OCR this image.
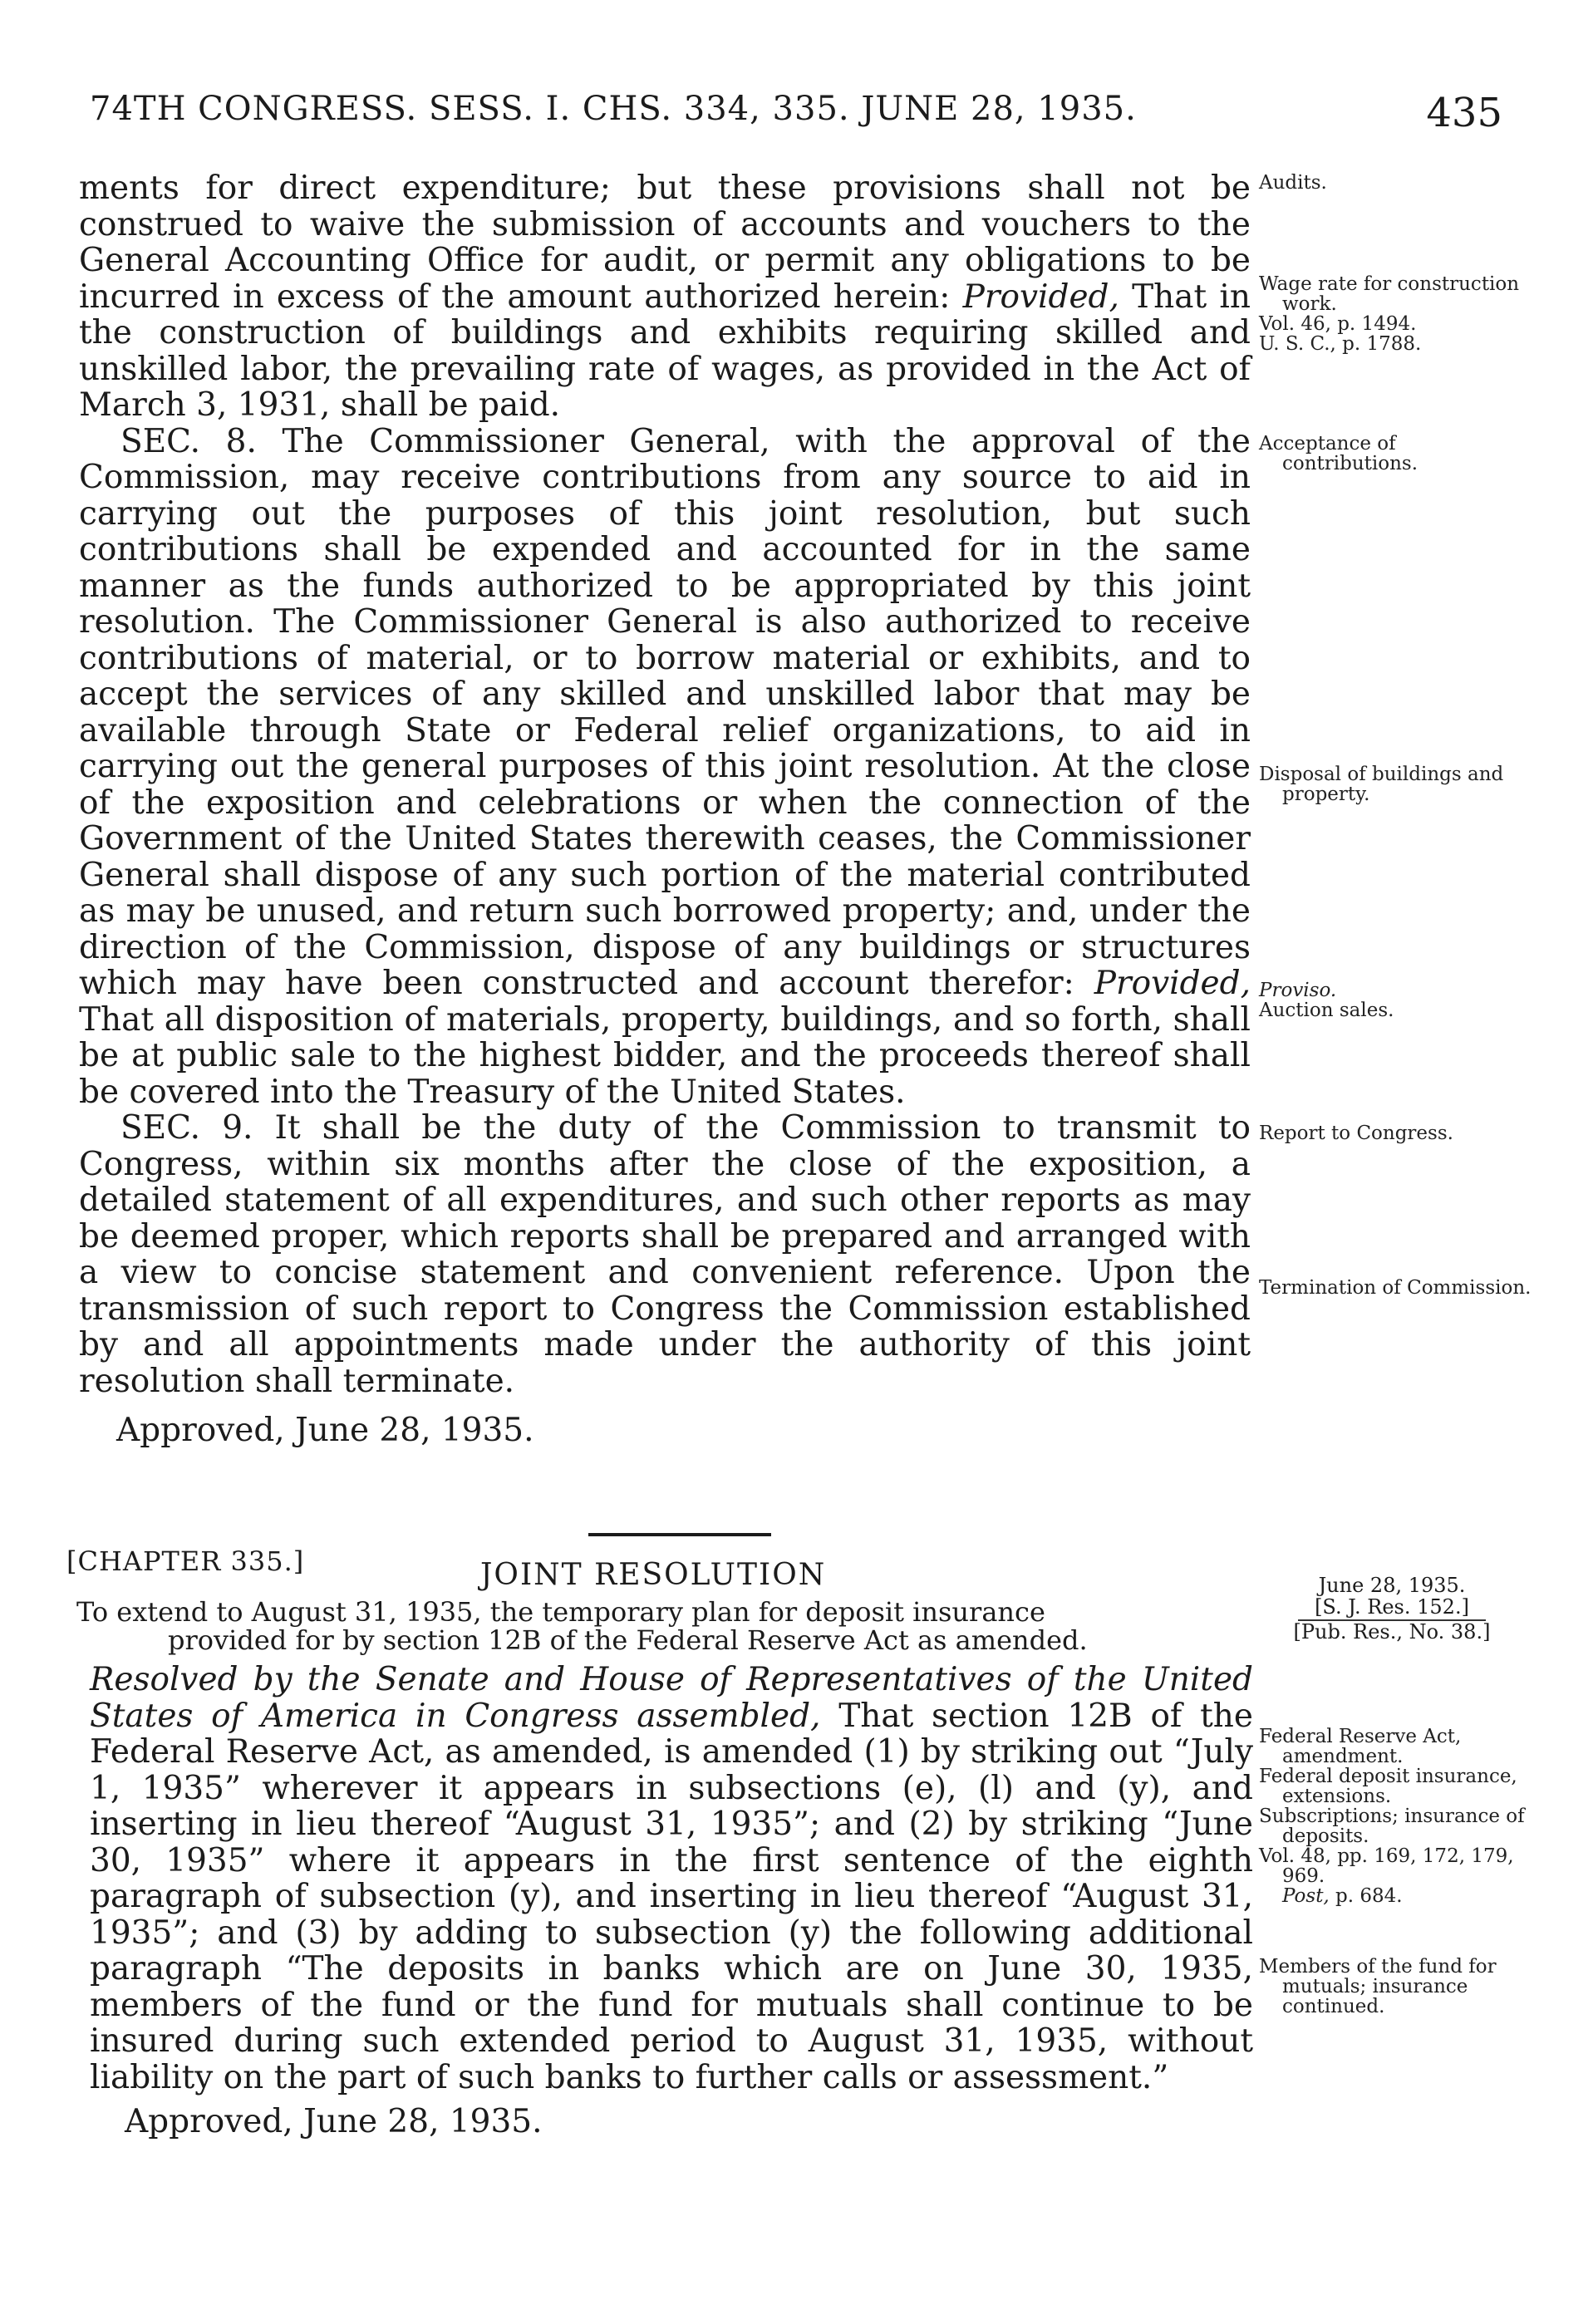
74TH CONGRESS. SESS. I. CHS. 334, 335. JUNE 28, 1935.	435

ments for direct expenditure; but these provisions shall not be construed to waive the submission of accounts and vouchers to the General Accounting Office for audit, or permit any obligations to be incurred in excess of the amount authorized herein: Provided, That in the construction of buildings and exhibits requiring skilled and unskilled labor, the prevailing rate of wages, as provided in the Act of March 3, 1931, shall be paid.

SEC. 8. The Commissioner General, with the approval of the Commission, may receive contributions from any source to aid in carrying out the purposes of this joint resolution, but such contributions shall be expended and accounted for in the same manner as the funds authorized to be appropriated by this joint resolution. The Commissioner General is also authorized to receive contributions of material, or to borrow material or exhibits, and to accept the services of any skilled and unskilled labor that may be available through State or Federal relief organizations, to aid in carrying out the general purposes of this joint resolution. At the close of the exposition and celebrations or when the connection of the Government of the United States therewith ceases, the Commissioner General shall dispose of any such portion of the material contributed as may be unused, and return such borrowed property; and, under the direction of the Commission, dispose of any buildings or structures which may have been constructed and account therefor: Provided, That all disposition of materials, property, buildings, and so forth, shall be at public sale to the highest bidder, and the proceeds thereof shall be covered into the Treasury of the United States.

SEC. 9. It shall be the duty of the Commission to transmit to Congress, within six months after the close of the exposition, a detailed statement of all expenditures, and such other reports as may be deemed proper, which reports shall be prepared and arranged with a view to concise statement and convenient reference. Upon the transmission of such report to Congress the Commission established by and all appointments made under the authority of this joint resolution shall terminate.

Approved, June 28, 1935.

Audits.
Wage rate for construction work.
Vol. 46, p. 1494.
U. S. C., p. 1788.
Acceptance of contributions.
Disposal of buildings and property.
Proviso.
Auction sales.
Report to Congress.
Termination of Commission.
[CHAPTER 335.]	JOINT RESOLUTION
To extend to August 31, 1935, the temporary plan for deposit insurance
provided for by section 12B of the Federal Reserve Act as amended.
June 28, 1935.
[S. J. Res. 152.]
[Pub. Res., No. 38.]

Resolved by the Senate and House of Representatives of the United States of America in Congress assembled, That section 12B of the Federal Reserve Act, as amended, is amended (1) by striking out “July 1, 1935” wherever it appears in subsections (e), (l) and (y), and inserting in lieu thereof “August 31, 1935”; and (2) by striking “June 30, 1935” where it appears in the first sentence of the eighth paragraph of subsection (y), and inserting in lieu thereof “August 31, 1935”; and (3) by adding to subsection (y) the following additional paragraph “The deposits in banks which are on June 30, 1935, members of the fund or the fund for mutuals shall continue to be insured during such extended period to August 31, 1935, without liability on the part of such banks to further calls or assessment.”

Approved, June 28, 1935.

Federal Reserve Act, amendment.
Federal deposit insurance, extensions.
Subscriptions; insurance of deposits.
Vol. 48, pp. 169, 172, 179, 969.
Post, p. 684.
Members of the fund for mutuals; insurance continued.
